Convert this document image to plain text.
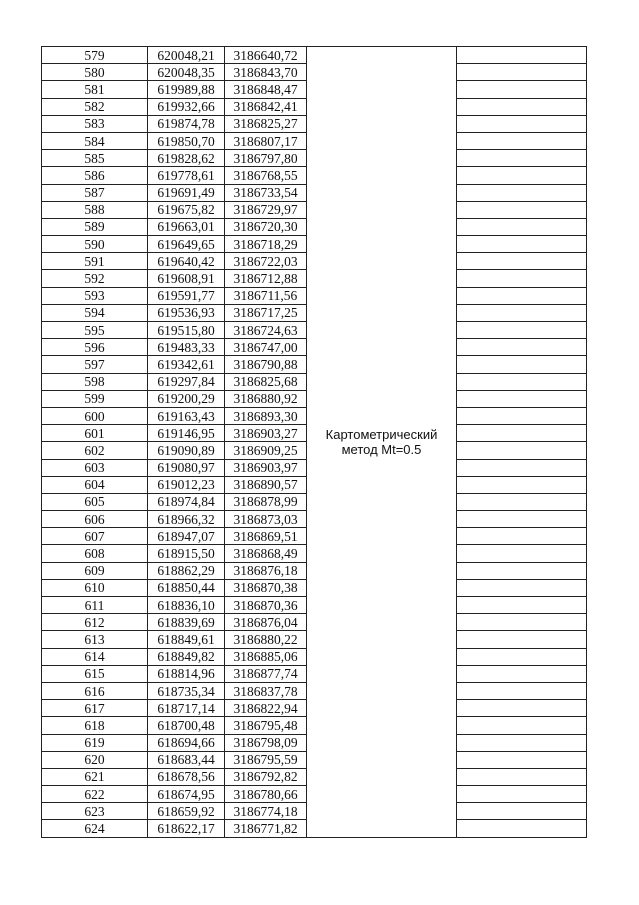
579	620048,21	3186640,72	Картометрический
метод Mt=0.5	

580	620048,35	3186843,70		
581	619989,88	3186848,47		
582	619932,66	3186842,41		
583	619874,78	3186825,27		
584	619850,70	3186807,17		
585	619828,62	3186797,80		
586	619778,61	3186768,55		
587	619691,49	3186733,54		
588	619675,82	3186729,97		
589	619663,01	3186720,30		
590	619649,65	3186718,29		
591	619640,42	3186722,03		
592	619608,91	3186712,88		
593	619591,77	3186711,56		
594	619536,93	3186717,25		
595	619515,80	3186724,63		
596	619483,33	3186747,00		
597	619342,61	3186790,88		
598	619297,84	3186825,68		
599	619200,29	3186880,92		
600	619163,43	3186893,30		
601	619146,95	3186903,27		
602	619090,89	3186909,25		
603	619080,97	3186903,97		
604	619012,23	3186890,57		
605	618974,84	3186878,99		
606	618966,32	3186873,03		
607	618947,07	3186869,51		
608	618915,50	3186868,49		
609	618862,29	3186876,18		
610	618850,44	3186870,38		
611	618836,10	3186870,36		
612	618839,69	3186876,04		
613	618849,61	3186880,22		
614	618849,82	3186885,06		
615	618814,96	3186877,74		
616	618735,34	3186837,78		
617	618717,14	3186822,94		
618	618700,48	3186795,48		
619	618694,66	3186798,09		
620	618683,44	3186795,59		
621	618678,56	3186792,82		
622	618674,95	3186780,66		
623	618659,92	3186774,18		
624	618622,17	3186771,82		
